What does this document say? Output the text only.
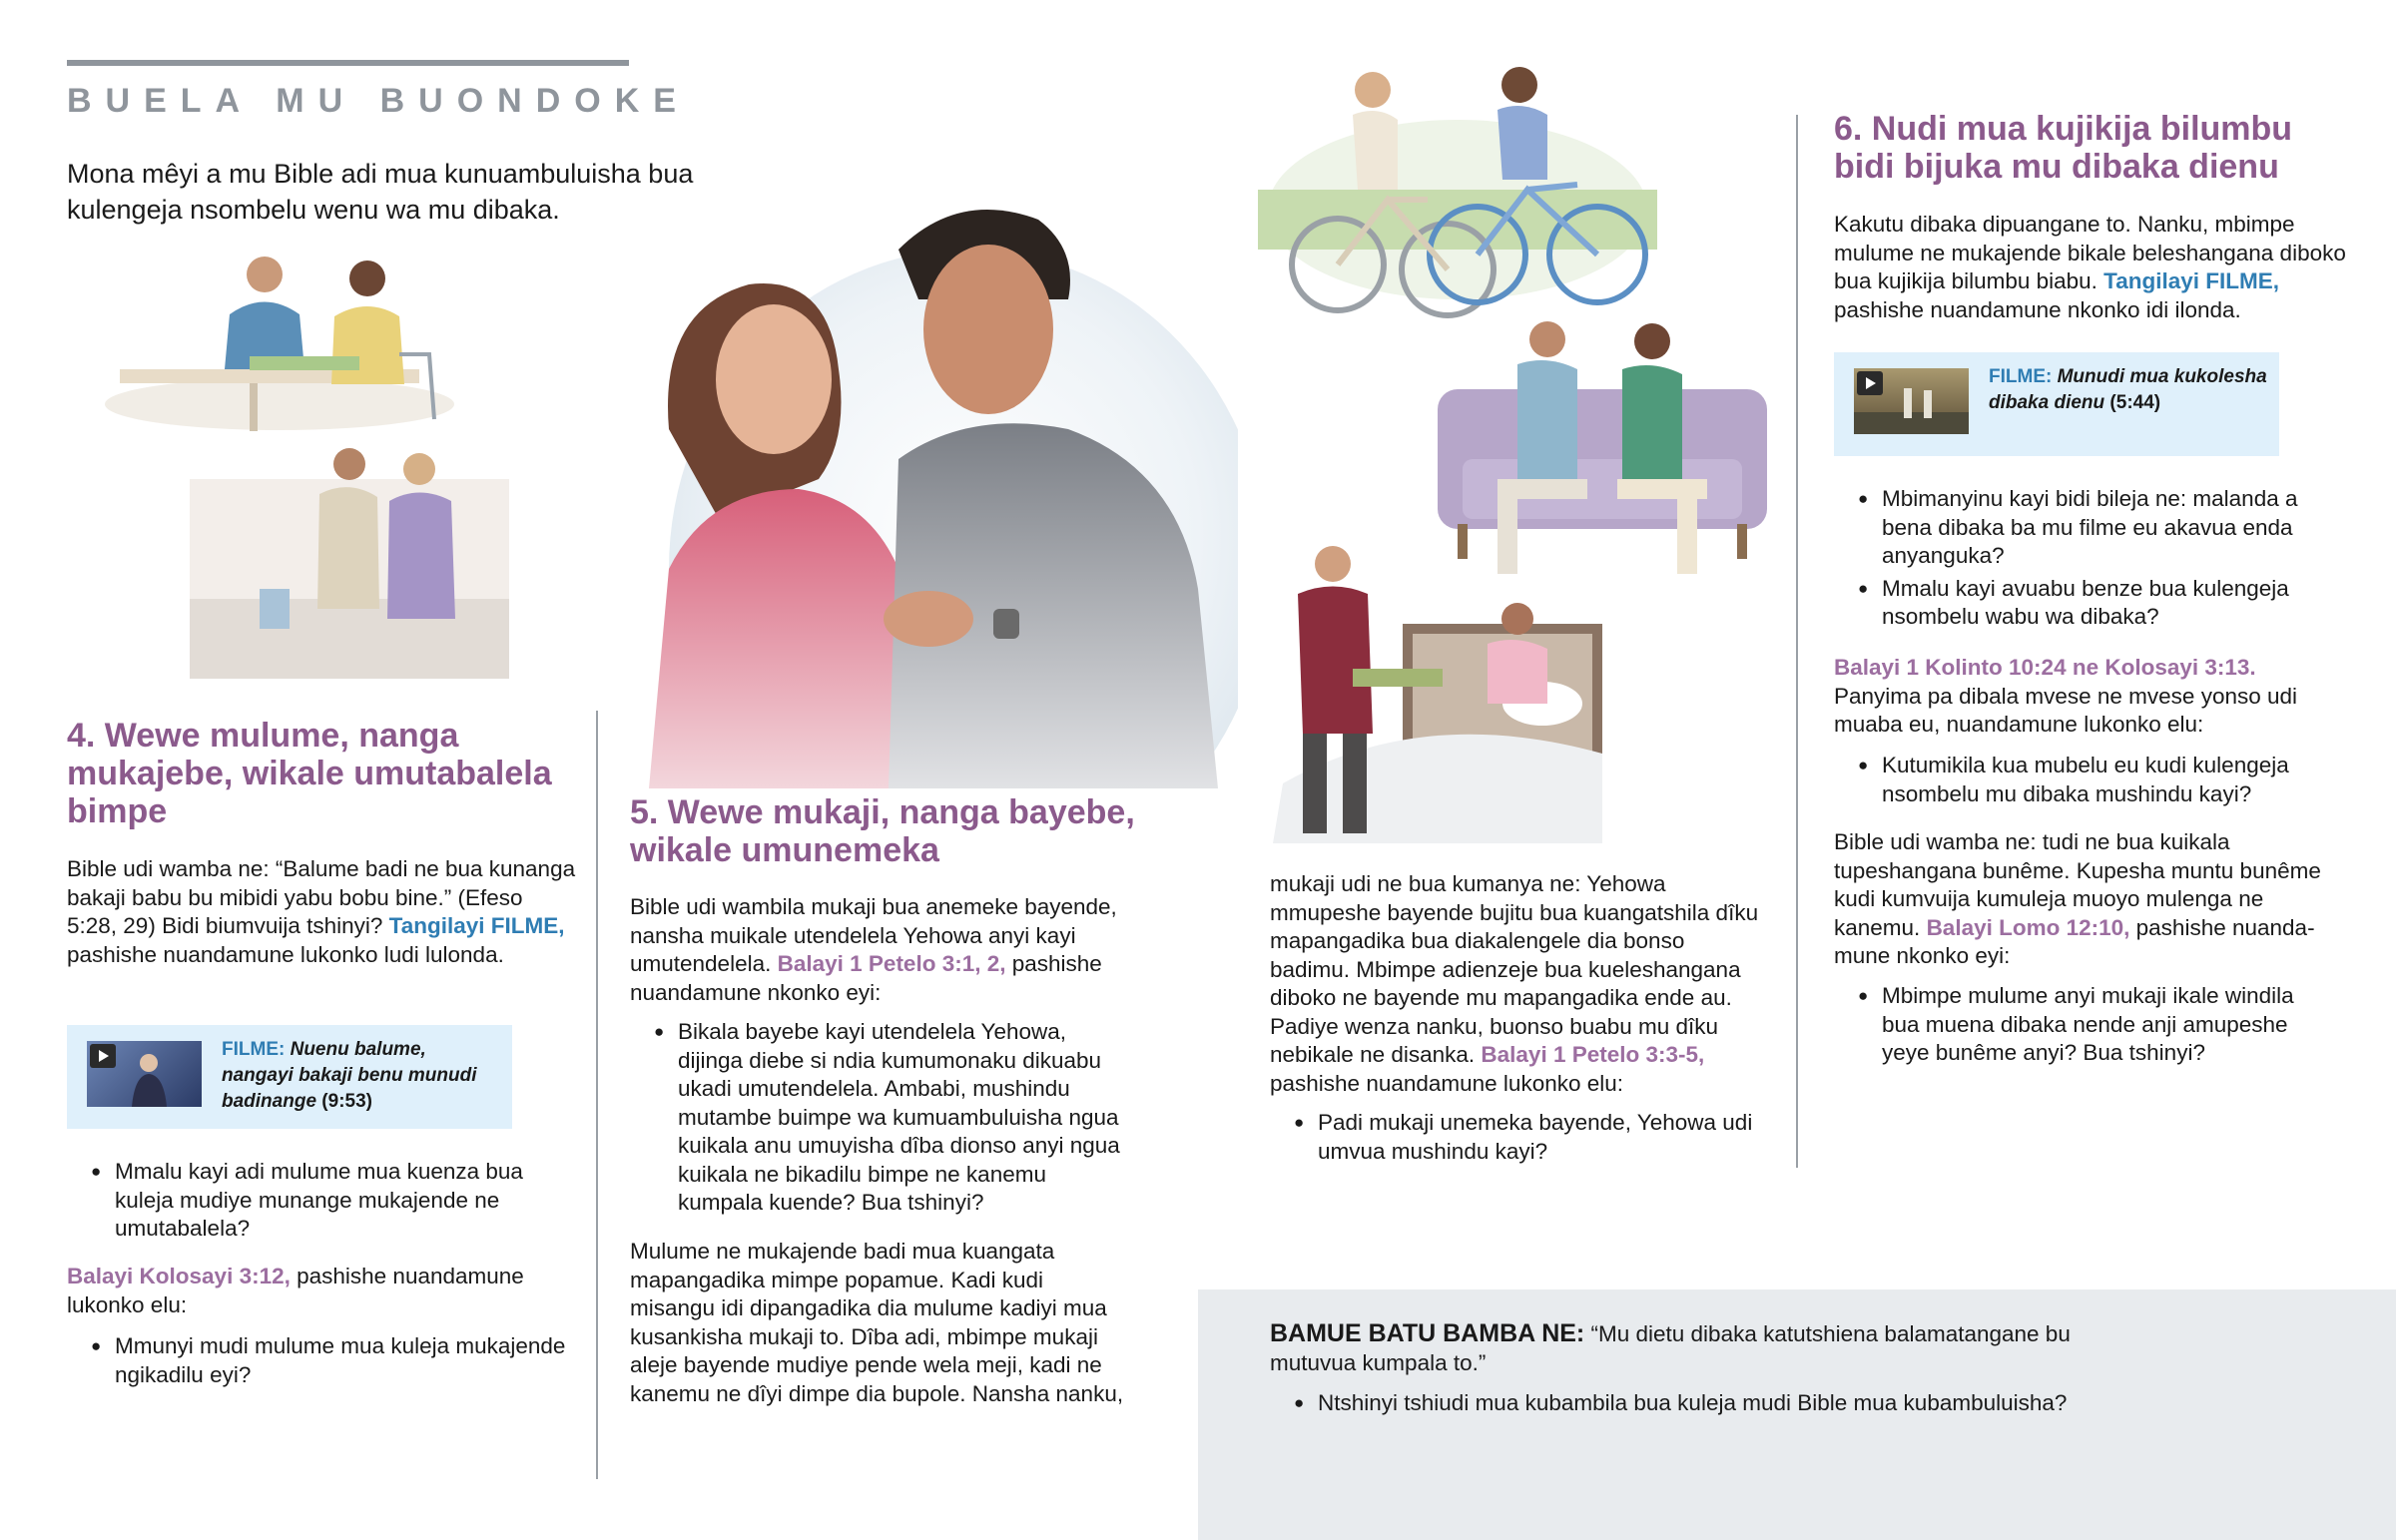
BUELA MU BUONDOKE
Mona mêyi a mu Bible adi mua kunuambuluisha bua kulengeja nsombelu wenu wa mu dibaka.
4. Wewe mulume, nanga mukajebe, wikale umutabalela bimpe

Bible udi wamba ne: “Balume badi ne bua kunanga bakaji babu bu mibidi yabu bobu bine.” (Efeso 5:28, 29) Bidi biumvuija tshinyi? Tangilayi FILME, pashishe nuandamune lukonko ludi lulonda.

FILME: Nuenu balume, nangayi bakaji benu munudi badinange (9:53)
● Mmalu kayi adi mulume mua kuenza bua kuleja mudiye munange mukajende ne umutabalela?

Balayi Kolosayi 3:12, pashishe nuandamune lukonko elu:

● Mmunyi mudi mulume mua kuleja mukajende ngikadilu eyi?
5. Wewe mukaji, nanga bayebe, wikale umunemeka

Bible udi wambila mukaji bua anemeke bayende, nansha muikale utendelela Yehowa anyi kayi umutendelela. Balayi 1 Petelo 3:1, 2, pashishe nuandamune nkonko eyi:

● Bikala bayebe kayi utendelela Yehowa, dijinga diebe si ndia kumumonaku dikuabu ukadi umutendelela. Ambabi, mushindu mutambe buimpe wa kumuambuluisha ngua kuikala anu umuyisha dîba dionso anyi ngua kuikala ne bikadilu bimpe ne kanemu kumpala kuende? Bua tshinyi?

Mulume ne mukajende badi mua kuangata mapangadika mimpe popamue. Kadi kudi misangu idi dipangadika dia mulume kadiyi mua kusankisha mukaji to. Dîba adi, mbimpe mukaji aleje bayende mudiye pende wela meji, kadi ne kanemu ne dîyi dimpe dia bupole. Nansha nanku,

mukaji udi ne bua kumanya ne: Yehowa mmupeshe bayende bujitu bua kuangatshila dîku mapangadika bua diakalengele dia bonso badimu. Mbimpe adienzeje bua kueleshangana diboko ne bayende mu mapangadika ende au. Padiye wenza nanku, buonso buabu mu dîku nebikale ne disanka. Balayi 1 Petelo 3:3-5, pashishe nuandamune lukonko elu:

● Padi mukaji unemeka bayende, Yehowa udi umvua mushindu kayi?
6. Nudi mua kujikija bilumbu bidi bijuka mu dibaka dienu

Kakutu dibaka dipuangane to. Nanku, mbimpe mulume ne mukajende bikale beleshangana diboko bua kujikija bilumbu biabu. Tangilayi FILME, pashishe nuandamune nkonko idi ilonda.

FILME: Munudi mua kukolesha dibaka dienu (5:44)
● Mbimanyinu kayi bidi bileja ne: malanda a bena dibaka ba mu filme eu akavua enda anyanguka?
● Mmalu kayi avuabu benze bua kulengeja nsombelu wabu wa dibaka?

Balayi 1 Kolinto 10:24 ne Kolosayi 3:13.
Panyima pa dibala mvese ne mvese yonso udi muaba eu, nuandamune lukonko elu:

● Kutumikila kua mubelu eu kudi kulengeja nsombelu mu dibaka mushindu kayi?

Bible udi wamba ne: tudi ne bua kuikala tupeshangana bunême. Kupesha muntu bunême kudi kumvuija kumuleja muoyo mulenga ne kanemu. Balayi Lomo 12:10, pashishe nuandamune nkonko eyi:

● Mbimpe mulume anyi mukaji ikale windila bua muena dibaka nende anji amupeshe yeye bunême anyi? Bua tshinyi?

BAMUE BATU BAMBA NE: “Mu dietu dibaka katutshiena balamatangane bu mutuvua kumpala to.”

● Ntshinyi tshiudi mua kubambila bua kuleja mudi Bible mua kubambuluisha?
